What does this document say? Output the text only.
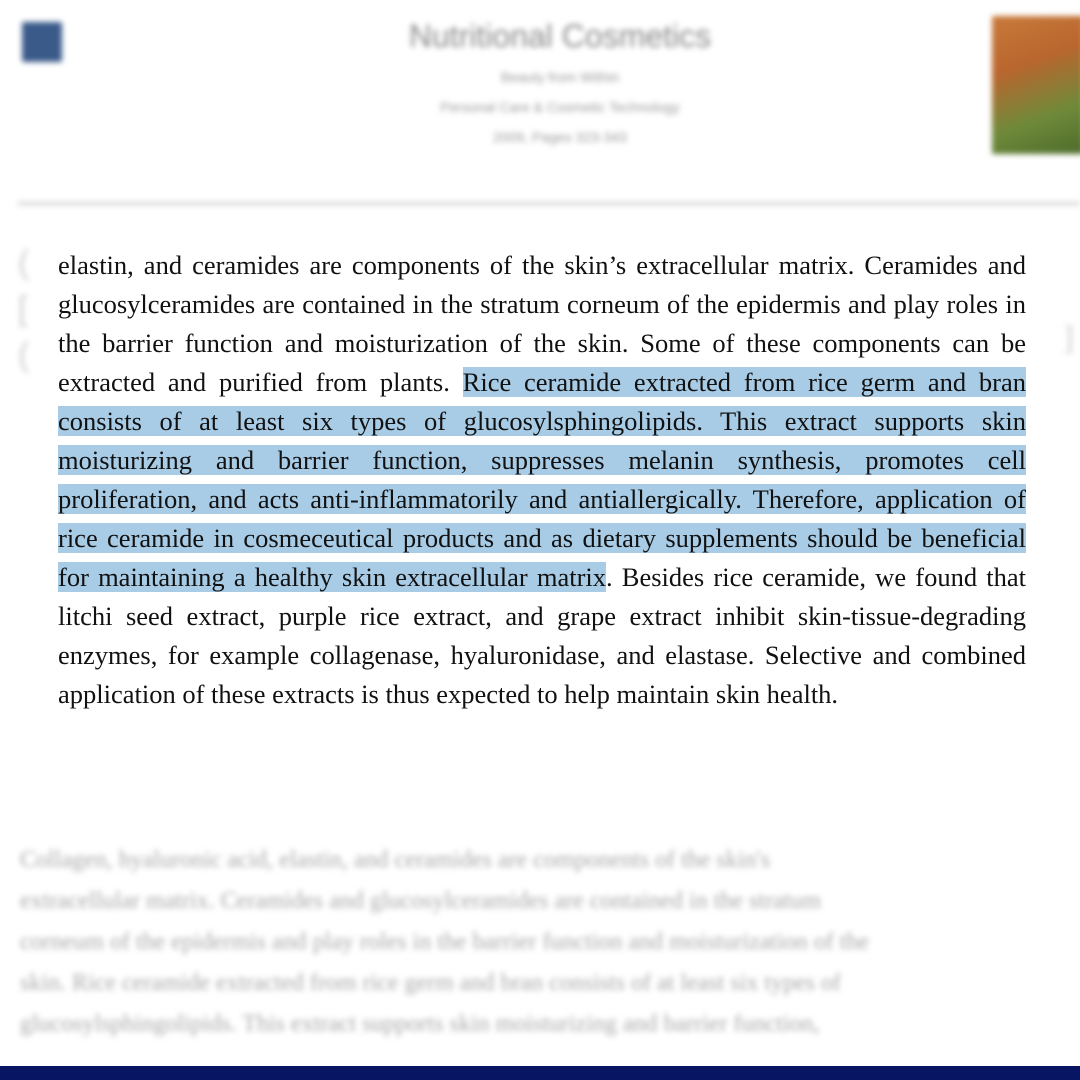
Nutritional Cosmetics
Beauty from Within
Personal Care & Cosmetic Technology
2009, Pages 323-343
(
[
(	]
Collagen, hyaluronic acid, elastin, and ceramides are components of the skin's
extracellular matrix. Ceramides and glucosylceramides are contained in the stratum
corneum of the epidermis and play roles in the barrier function and moisturization of the
skin. Rice ceramide extracted from rice germ and bran consists of at least six types of
glucosylsphingolipids. This extract supports skin moisturizing and barrier function,

elastin, and ceramides are components of the skin’s extracellular matrix. Ceramides and glucosylceramides are contained in the stratum corneum of the epidermis and play roles in the barrier function and moisturization of the skin. Some of these components can be extracted and purified from plants. Rice ceramide extracted from rice germ and bran consists of at least six types of glucosylsphingolipids. This extract supports skin moisturizing and barrier function, suppresses melanin synthesis, promotes cell proliferation, and acts anti-inflammatorily and antiallergically. Therefore, application of rice ceramide in cosmeceutical products and as dietary supplements should be beneficial for maintaining a healthy skin extracellular matrix. Besides rice ceramide, we found that litchi seed extract, purple rice extract, and grape extract inhibit skin-tissue-degrading enzymes, for example collagenase, hyaluronidase, and elastase. Selective and combined application of these extracts is thus expected to help maintain skin health.
